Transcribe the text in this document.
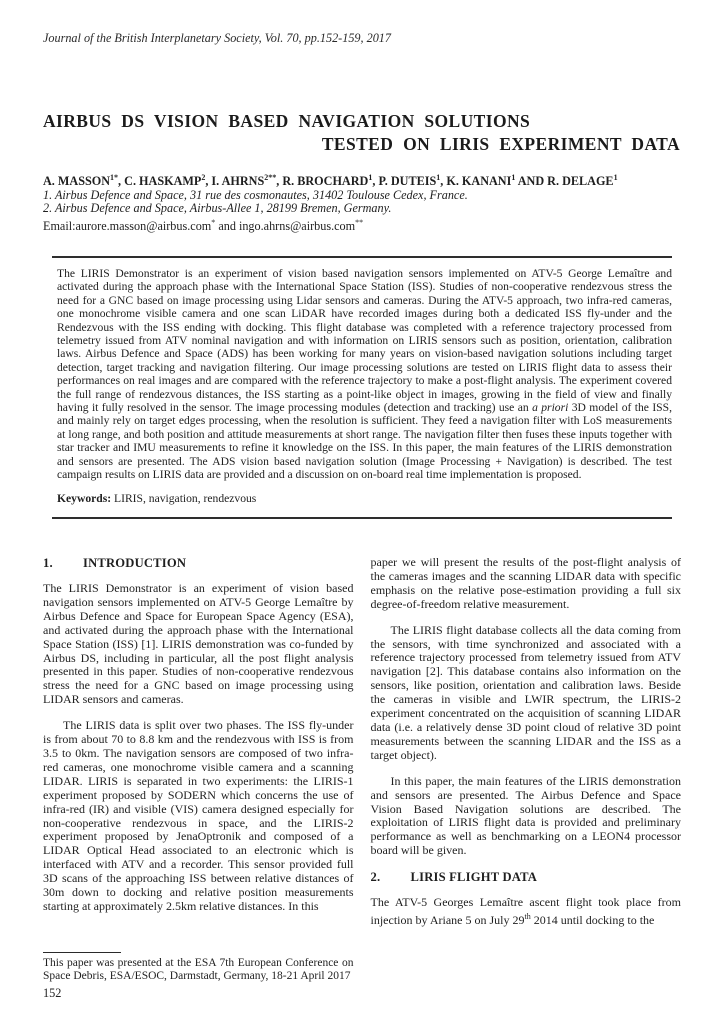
Journal of the British Interplanetary Society, Vol. 70, pp.152-159, 2017
AIRBUS DS VISION BASED NAVIGATION SOLUTIONS
TESTED ON LIRIS EXPERIMENT DATA
A. $MASSON^{1*}$, C. HASKAMP$^2$, I. $AHRNS^{2**}$, R. BROCHARD$^1$, P. DUTEIS$^1$, K. KANANI$^1$ AND R. DELAGE$^1$
1. Airbus Defence and Space, 31 rue des cosmonautes, 31402 Toulouse Cedex, France.
2. Airbus Defence and Space, Airbus-Allee 1, 28199 Bremen, Germany.
Email:aurore.masson@airbus.com* and ingo.ahrns@airbus.com**

The LIRIS Demonstrator is an experiment of vision based navigation sensors implemented on ATV-5 George Lemaître and activated during the approach phase with the International Space Station (ISS). Studies of non-cooperative rendezvous stress the need for a GNC based on image processing using Lidar sensors and cameras. During the ATV-5 approach, two infra-red cameras, one monochrome visible camera and one scan LiDAR have recorded images during both a dedicated ISS fly-under and the Rendezvous with the ISS ending with docking. This flight database was completed with a reference trajectory processed from telemetry issued from ATV nominal navigation and with information on LIRIS sensors such as position, orientation, calibration laws. Airbus Defence and Space (ADS) has been working for many years on vision-based navigation solutions including target detection, target tracking and navigation filtering. Our image processing solutions are tested on LIRIS flight data to assess their performances on real images and are compared with the reference trajectory to make a post-flight analysis. The experiment covered the full range of rendezvous distances, the ISS starting as a point-like object in images, growing in the field of view and finally having it fully resolved in the sensor. The image processing modules (detection and tracking) use an a priori 3D model of the ISS, and mainly rely on target edges processing, when the resolution is sufficient. They feed a navigation filter with LoS measurements at long range, and both position and attitude measurements at short range. The navigation filter then fuses these inputs together with star tracker and IMU measurements to refine it knowledge on the ISS. In this paper, the main features of the LIRIS demonstration and sensors are presented. The ADS vision based navigation solution (Image Processing + Navigation) is described. The test campaign results on LIRIS data are provided and a discussion on on-board real time implementation is proposed.

Keywords: LIRIS, navigation, rendezvous

1. INTRODUCTION

The LIRIS Demonstrator is an experiment of vision based navigation sensors implemented on ATV-5 George Lemaître by Airbus Defence and Space for European Space Agency (ESA), and activated during the approach phase with the International Space Station (ISS) [1]. LIRIS demonstration was co-funded by Airbus DS, including in particular, all the post flight analysis presented in this paper. Studies of non-cooperative rendezvous stress the need for a GNC based on image processing using LIDAR sensors and cameras.

The LIRIS data is split over two phases. The ISS fly-under is from about 70 to 8.8 km and the rendezvous with ISS is from 3.5 to 0km. The navigation sensors are composed of two infra-red cameras, one monochrome visible camera and a scanning LIDAR. LIRIS is separated in two experiments: the LIRIS-1 experiment proposed by SODERN which concerns the use of infra-red (IR) and visible (VIS) camera designed especially for non-cooperative rendezvous in space, and the LIRIS-2 experiment proposed by JenaOptronik and composed of a LIDAR Optical Head associated to an electronic which is interfaced with ATV and a recorder. This sensor provided full 3D scans of the approaching ISS between relative distances of 30m down to docking and relative position measurements starting at approximately 2.5km relative distances. In this

This paper was presented at the ESA 7th European Conference on Space Debris, ESA/ESOC, Darmstadt, Germany, 18-21 April 2017

paper we will present the results of the post-flight analysis of the cameras images and the scanning LIDAR data with specific emphasis on the relative pose-estimation providing a full six degree-of-freedom relative measurement.

The LIRIS flight database collects all the data coming from the sensors, with time synchronized and associated with a reference trajectory processed from telemetry issued from ATV navigation [2]. This database contains also information on the sensors, like position, orientation and calibration laws. Beside the cameras in visible and LWIR spectrum, the LIRIS-2 experiment concentrated on the acquisition of scanning LIDAR data (i.e. a relatively dense 3D point cloud of relative 3D point measurements between the scanning LIDAR and the ISS as a target object).

In this paper, the main features of the LIRIS demonstration and sensors are presented. The Airbus Defence and Space Vision Based Navigation solutions are described. The exploitation of LIRIS flight data is provided and preliminary performance as well as benchmarking on a LEON4 processor board will be given.

2. LIRIS FLIGHT DATA

The ATV-5 Georges Lemaître ascent flight took place from injection by Ariane 5 on July 29th 2014 until docking to the

152
